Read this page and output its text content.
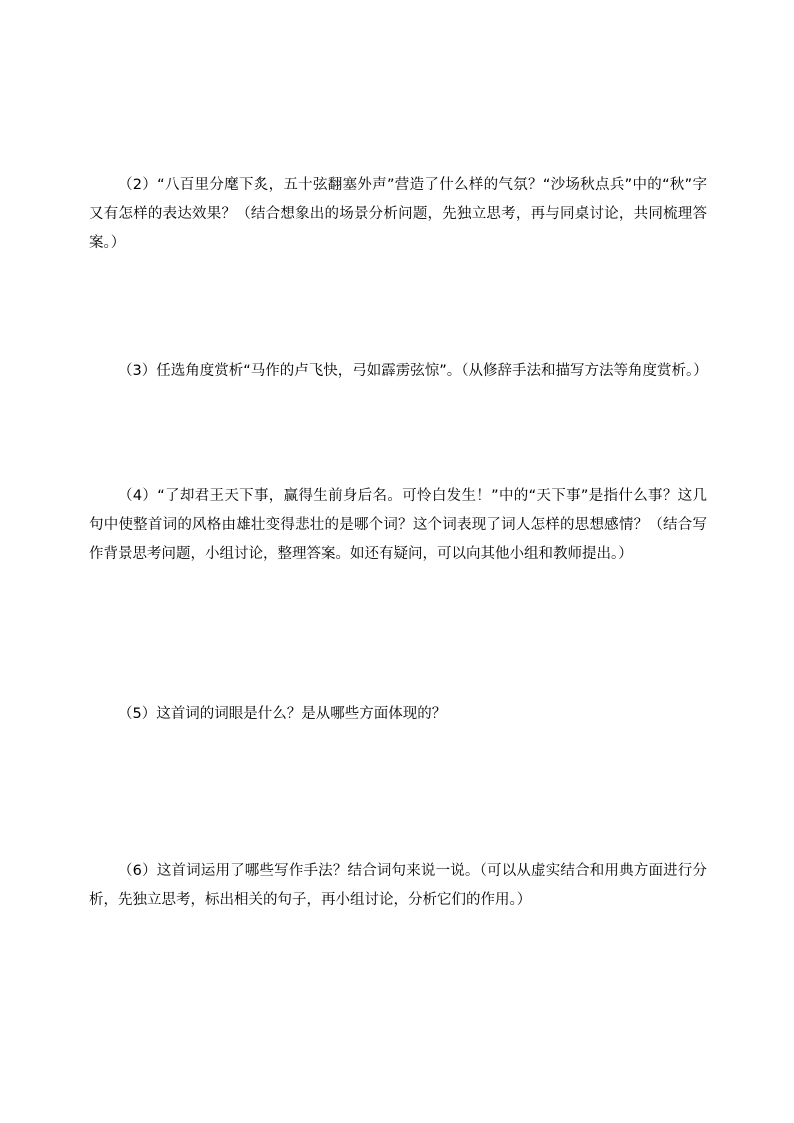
（2）“八百里分麾下炙，五十弦翻塞外声”营造了什么样的气氛？“沙场秋点兵”中的“秋”字又有怎样的表达效果？（结合想象出的场景分析问题，先独立思考，再与同桌讨论，共同梳理答案。）

（3）任选角度赏析“马作的卢飞快，弓如霹雳弦惊”。（从修辞手法和描写方法等角度赏析。）

（4）“了却君王天下事，赢得生前身后名。可怜白发生！”中的“天下事”是指什么事？这几句中使整首词的风格由雄壮变得悲壮的是哪个词？这个词表现了词人怎样的思想感情？（结合写作背景思考问题，小组讨论，整理答案。如还有疑问，可以向其他小组和教师提出。）

（5）这首词的词眼是什么？是从哪些方面体现的？

（6）这首词运用了哪些写作手法？结合词句来说一说。（可以从虚实结合和用典方面进行分析，先独立思考，标出相关的句子，再小组讨论，分析它们的作用。）
